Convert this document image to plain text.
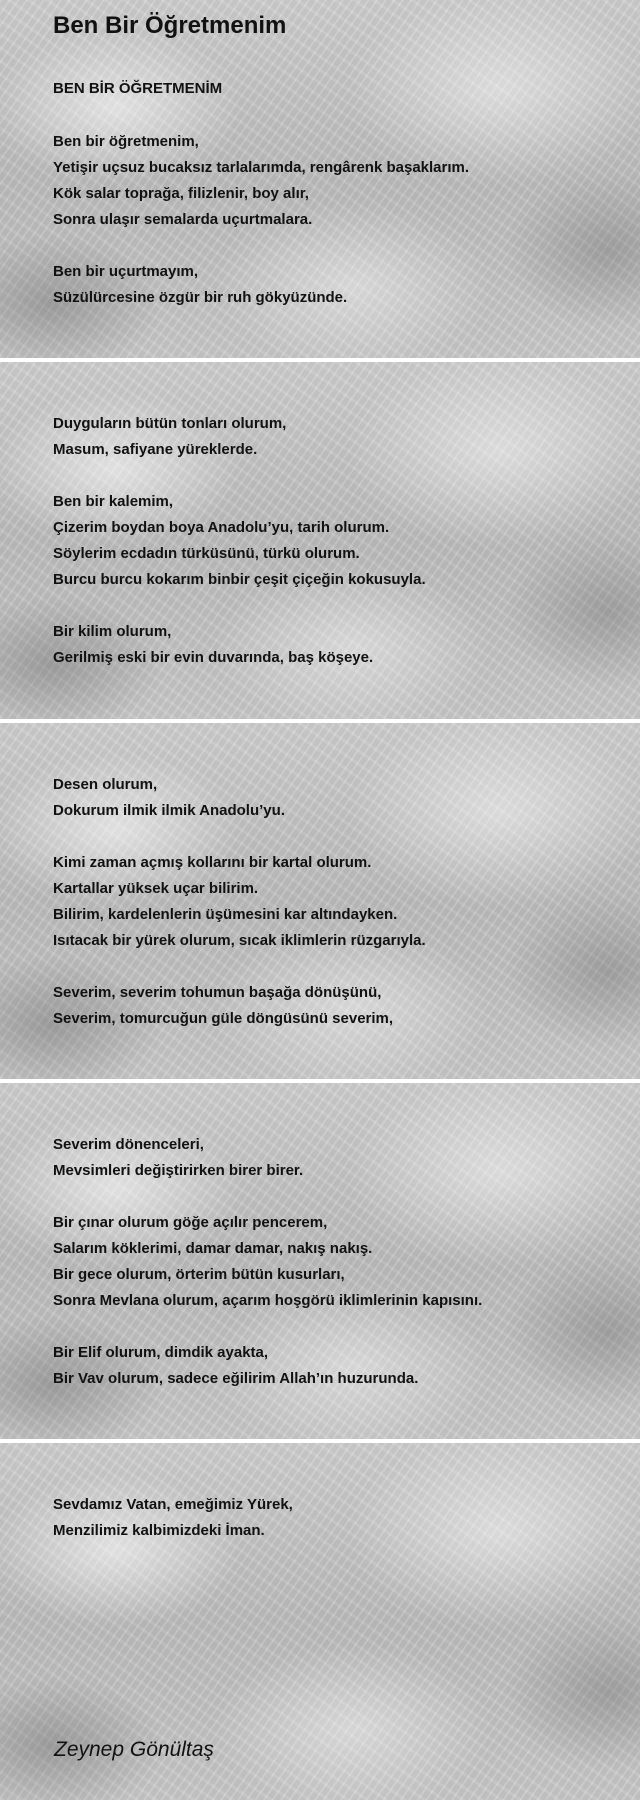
Ben Bir Öğretmenim
BEN BİR ÖĞRETMENİM

Ben bir öğretmenim,
Yetişir uçsuz bucaksız tarlalarımda, rengârenk başaklarım.
Kök salar toprağa, filizlenir, boy alır,
Sonra ulaşır semalarda uçurtmalara.

Ben bir uçurtmayım,
Süzülürcesine özgür bir ruh gökyüzünde.

Duyguların bütün tonları olurum,
Masum, safiyane yüreklerde.

Ben bir kalemim,
Çizerim boydan boya Anadolu’yu, tarih olurum.
Söylerim ecdadın türküsünü, türkü olurum.
Burcu burcu kokarım binbir çeşit çiçeğin kokusuyla.

Bir kilim olurum,
Gerilmiş eski bir evin duvarında, baş köşeye.

Desen olurum,
Dokurum ilmik ilmik Anadolu’yu.

Kimi zaman açmış kollarını bir kartal olurum.
Kartallar yüksek uçar bilirim.
Bilirim, kardelenlerin üşümesini kar altındayken.
Isıtacak bir yürek olurum, sıcak iklimlerin rüzgarıyla.

Severim, severim tohumun başağa dönüşünü,
Severim, tomurcuğun güle döngüsünü severim,

Severim dönenceleri,
Mevsimleri değiştirirken birer birer.

Bir çınar olurum göğe açılır pencerem,
Salarım köklerimi, damar damar, nakış nakış.
Bir gece olurum, örterim bütün kusurları,
Sonra Mevlana olurum, açarım hoşgörü iklimlerinin kapısını.

Bir Elif olurum, dimdik ayakta,
Bir Vav olurum, sadece eğilirim Allah’ın huzurunda.

Sevdamız Vatan, emeğimiz Yürek,
Menzilimiz kalbimizdeki İman.

Zeynep Gönültaş
